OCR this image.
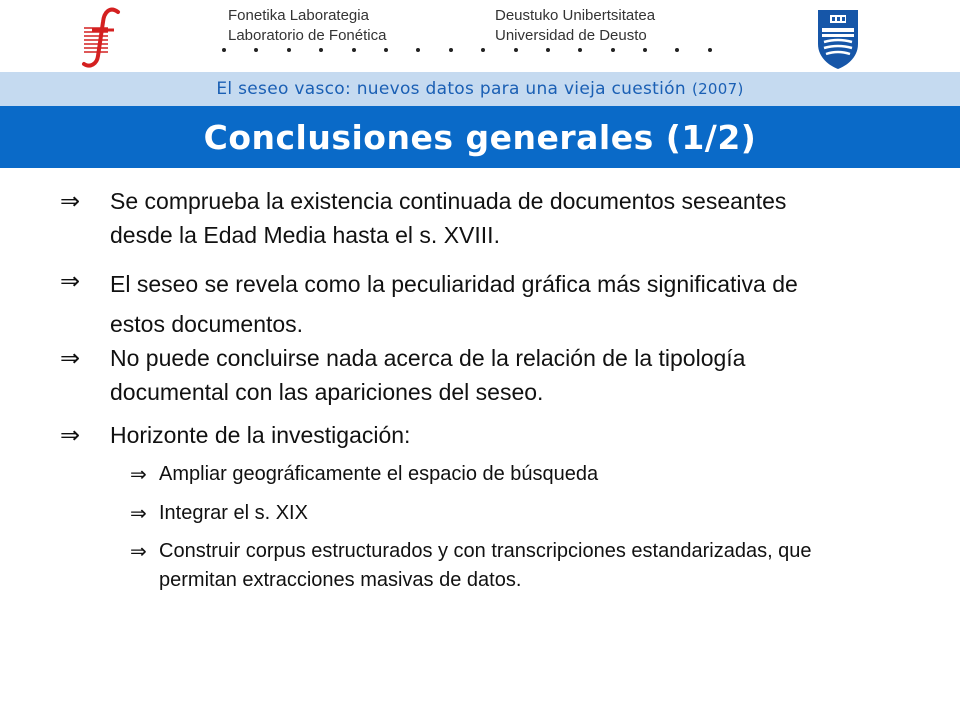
Fonetika Laborategia
Laboratorio de Fonética
Deustuko Unibertsitatea
Universidad de Deusto
El seseo vasco: nuevos datos para una vieja cuestión (2007)
Conclusiones generales (1/2)
⇒	Se comprueba la existencia continuada de documentos seseantes desde la Edad Media hasta el s. XVIII.
⇒	El seseo se revela como la peculiaridad gráfica más significativa de estos documentos.
⇒	No puede concluirse nada acerca de la relación de la tipología documental con las apariciones del seseo.
⇒	Horizonte de la investigación:
⇒ Ampliar geográficamente el espacio de búsqueda
⇒ Integrar el s. XIX
⇒ Construir corpus estructurados y con transcripciones estandarizadas, que permitan extracciones masivas de datos.
